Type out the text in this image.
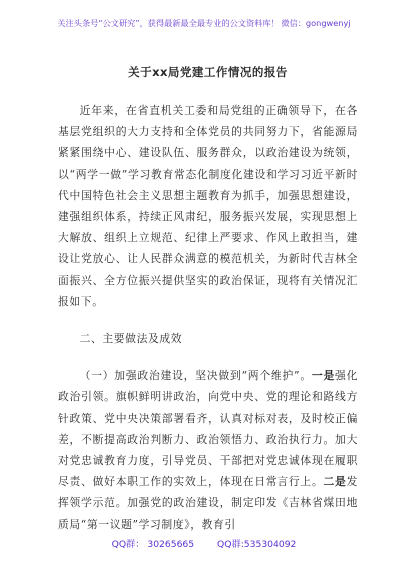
关注头条号“公文研究”，获得最新最全最专业的公文资料库！ 微信：gongwenyj
关于xx局党建工作情况的报告

近年来，在省直机关工委和局党组的正确领导下，在各基层党组织的大力支持和全体党员的共同努力下，省能源局紧紧围绕中心、建设队伍、服务群众，以政治建设为统领，以“两学一做”学习教育常态化制度化建设和学习习近平新时代中国特色社会主义思想主题教育为抓手，加强思想建设，建强组织体系，持续正风肃纪，服务振兴发展，实现思想上大解放、组织上立规范、纪律上严要求、作风上敢担当，建设让党放心、让人民群众满意的模范机关，为新时代吉林全面振兴、全方位振兴提供坚实的政治保证，现将有关情况汇报如下。

二、主要做法及成效

（一）加强政治建设，坚决做到“两个维护”。一是强化政治引领。旗帜鲜明讲政治，向党中央、党的理论和路线方针政策、党中央决策部署看齐，认真对标对表，及时校正偏差，不断提高政治判断力、政治领悟力、政治执行力。加大对党忠诚教育力度，引导党员、干部把对党忠诚体现在履职尽责、做好本职工作的实效上，体现在日常言行上。二是发挥领学示范。加强党的政治建设，制定印发《吉林省煤田地质局“第一议题”学习制度》，教育引

QQ群： 30265665 QQ群:535304092
